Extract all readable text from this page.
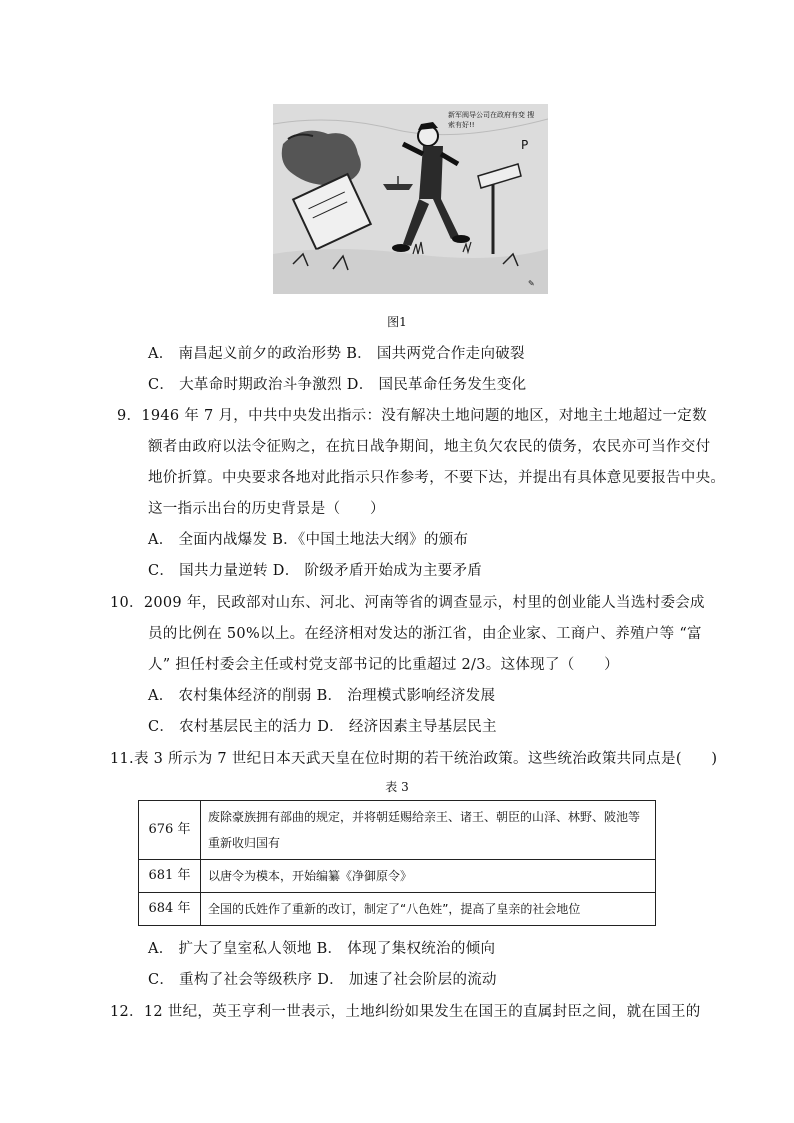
P
✎
新军阀导公司在政府有变 搜索有好!!
图1
A． 南昌起义前夕的政治形势 B． 国共两党合作走向破裂
C． 大革命时期政治斗争激烈 D． 国民革命任务发生变化
9．1946 年 7 月，中共中央发出指示：没有解决土地问题的地区，对地主土地超过一定数
额者由政府以法令征购之，在抗日战争期间，地主负欠农民的债务，农民亦可当作交付
地价折算。中央要求各地对此指示只作参考，不要下达，并提出有具体意见要报告中央。
这一指示出台的历史背景是（　　）
A． 全面内战爆发 B．《中国土地法大纲》的颁布
C． 国共力量逆转 D． 阶级矛盾开始成为主要矛盾
10．2009 年，民政部对山东、河北、河南等省的调查显示，村里的创业能人当选村委会成
员的比例在 50%以上。在经济相对发达的浙江省，由企业家、工商户、养殖户等 “富
人” 担任村委会主任或村党支部书记的比重超过 2/3。这体现了（　　）
A． 农村集体经济的削弱 B． 治理模式影响经济发展
C． 农村基层民主的活力 D． 经济因素主导基层民主
11.表 3 所示为 7 世纪日本天武天皇在位时期的若干统治政策。这些统治政策共同点是(　　)
表 3
676 年	废除豪族拥有部曲的规定，并将朝廷赐给亲王、诸王、朝臣的山泽、林野、陂池等重新收归国有
681 年	以唐令为模本，开始编纂《净御原令》
684 年	全国的氏姓作了重新的改订，制定了“八色姓”，提高了皇亲的社会地位
A． 扩大了皇室私人领地 B． 体现了集权统治的倾向
C． 重构了社会等级秩序 D． 加速了社会阶层的流动
12．12 世纪，英王亨利一世表示，土地纠纷如果发生在国王的直属封臣之间，就在国王的
